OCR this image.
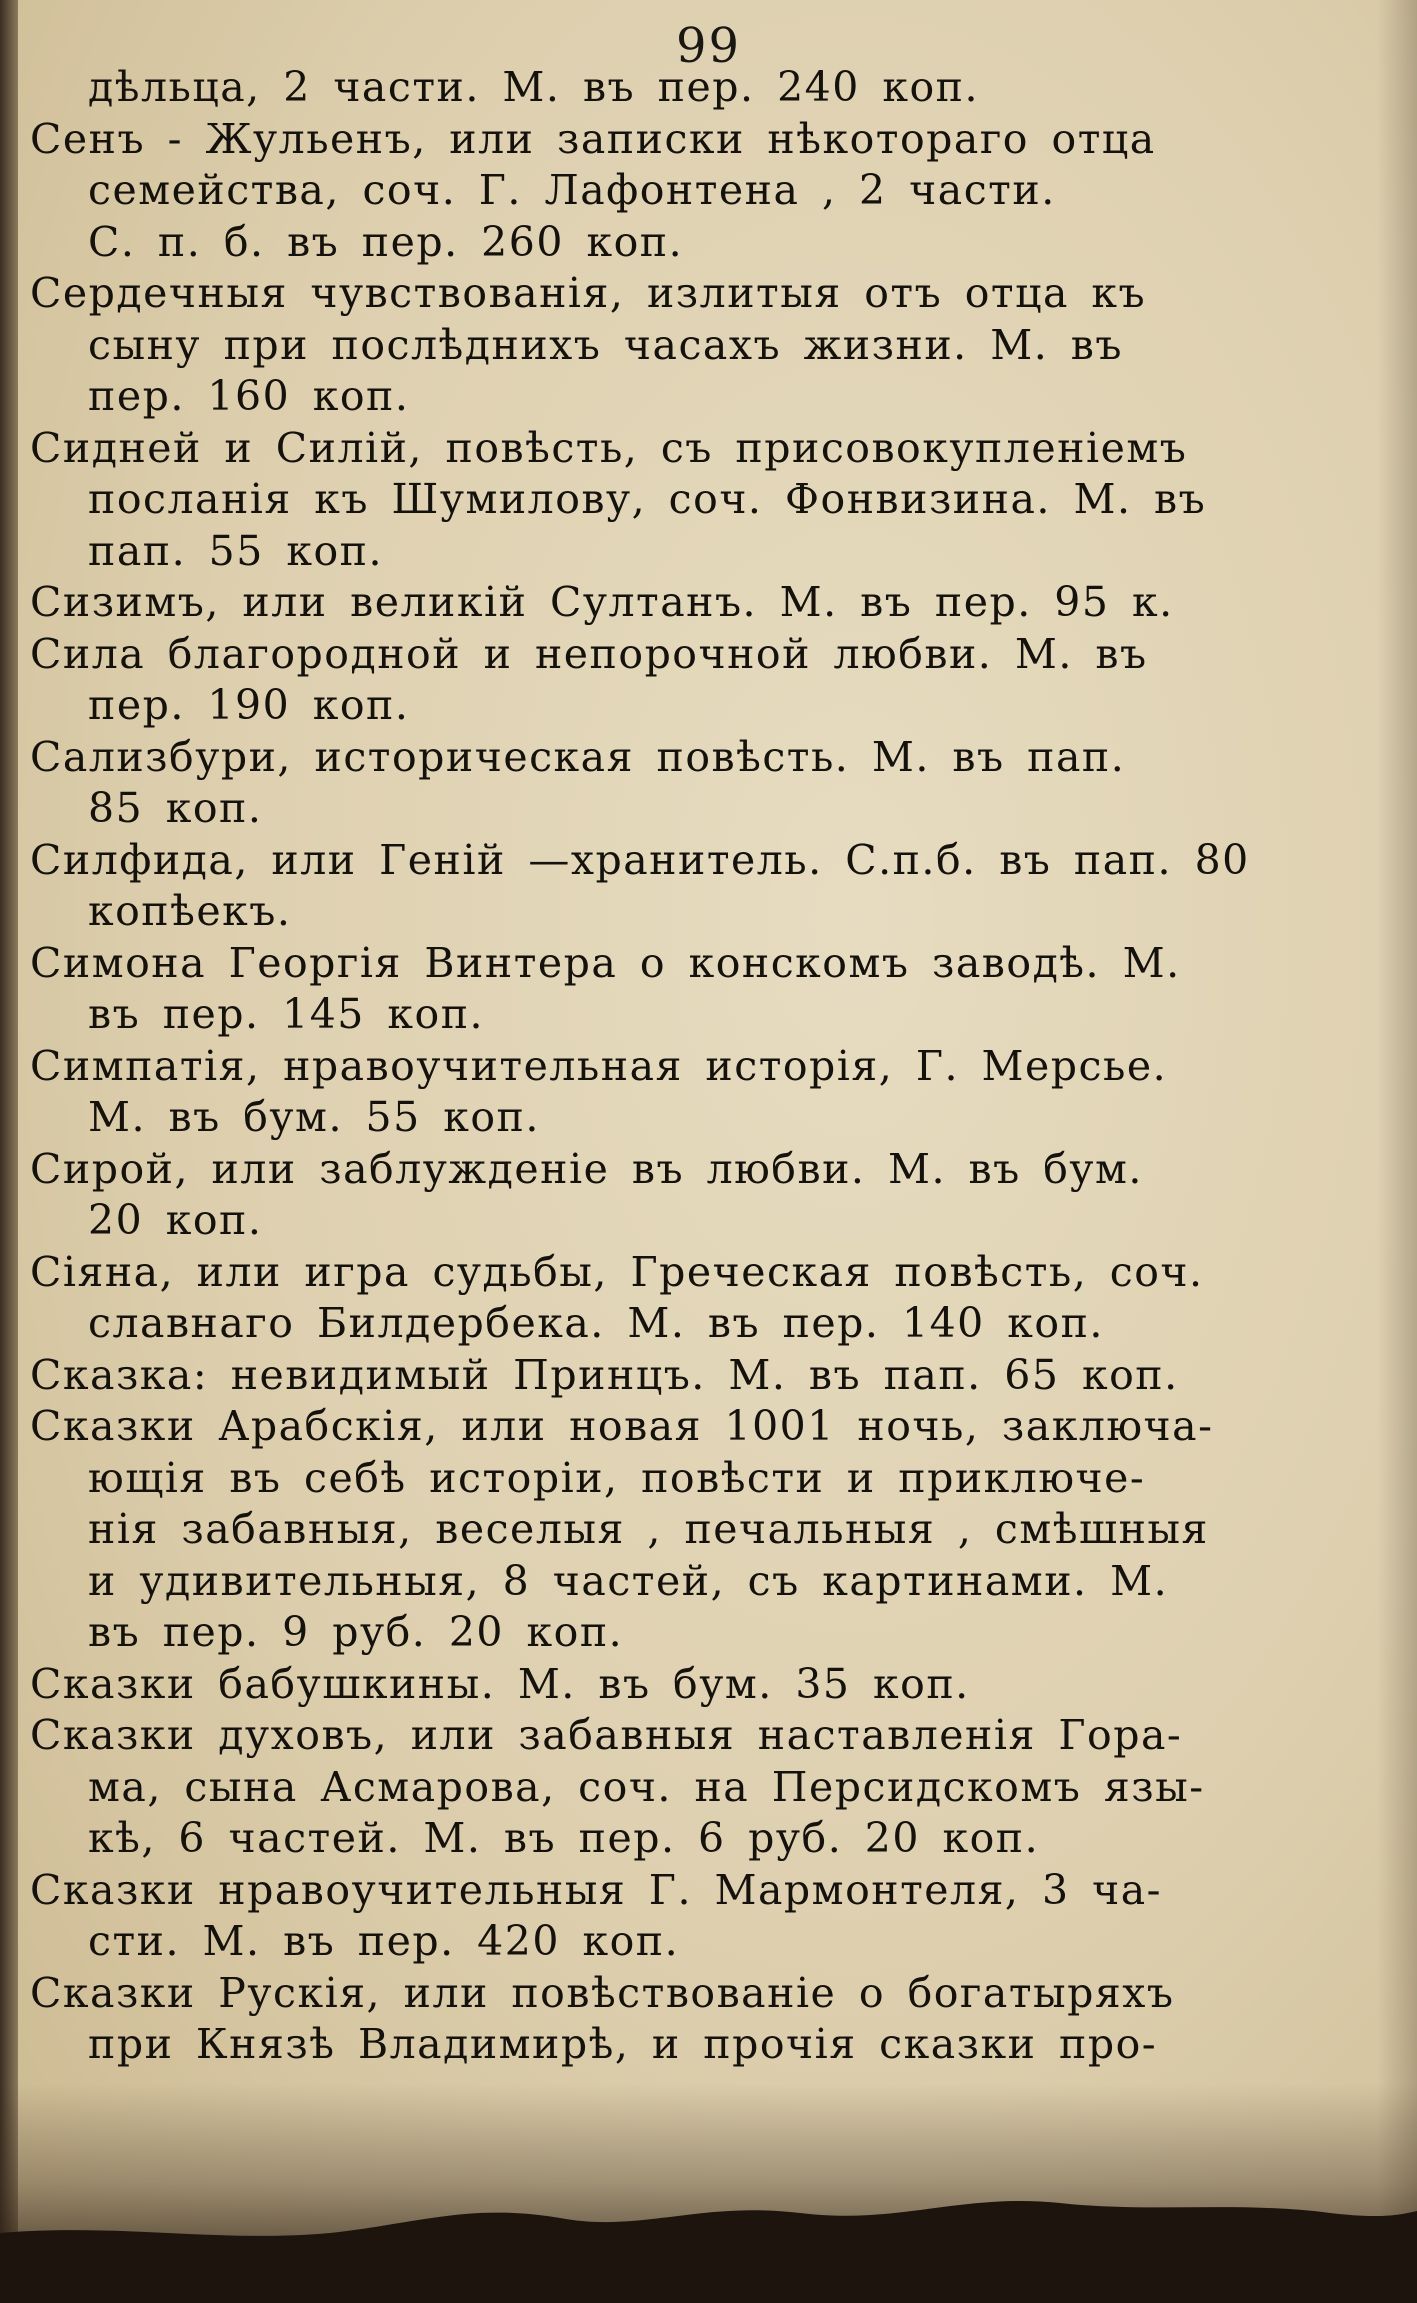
99
дѣльца, 2 части. М. въ пер. 240 коп.
Сенъ - Жульенъ, или записки нѣкотораго отца
семейства, соч. Г. Лафонтена , 2 части.
С. п. б. въ пер. 260 коп.
Сердечныя чувствованія, излитыя отъ отца къ
сыну при послѣднихъ часахъ жизни. М. въ
пер. 160 коп.
Сидней и Силій, повѣсть, съ присовокупленіемъ
посланія къ Шумилову, соч. Фонвизина. М. въ
пап. 55 коп.
Сизимъ, или великій Султанъ. М. въ пер. 95 к.
Сила благородной и непорочной любви. М. въ
пер. 190 коп.
Сализбури, историческая повѣсть. М. въ пап.
85 коп.
Силфида, или Геній —хранитель. С.п.б. въ пап. 80
копѣекъ.
Симона Георгія Винтера о конскомъ заводѣ. М.
въ пер. 145 коп.
Симпатія, нравоучительная исторія, Г. Мерсье.
М. въ бум. 55 коп.
Сирой, или заблужденіе въ любви. М. въ бум.
20 коп.
Сіяна, или игра судьбы, Греческая повѣсть, соч.
славнаго Билдербека. М. въ пер. 140 коп.
Сказка: невидимый Принцъ. М. въ пап. 65 коп.
Сказки Арабскія, или новая 1001 ночь, заключа-
ющія въ себѣ исторіи, повѣсти и приключе-
нія забавныя, веселыя , печальныя , смѣшныя
и удивительныя, 8 частей, съ картинами. М.
въ пер. 9 руб. 20 коп.
Сказки бабушкины. М. въ бум. 35 коп.
Сказки духовъ, или забавныя наставленія Гора-
ма, сына Асмарова, соч. на Персидскомъ язы-
кѣ, 6 частей. М. въ пер. 6 руб. 20 коп.
Сказки нравоучительныя Г. Мармонтеля, 3 ча-
сти. М. въ пер. 420 коп.
Сказки Рускія, или повѣствованіе о богатыряхъ
при Князѣ Владимирѣ, и прочія сказки про-
